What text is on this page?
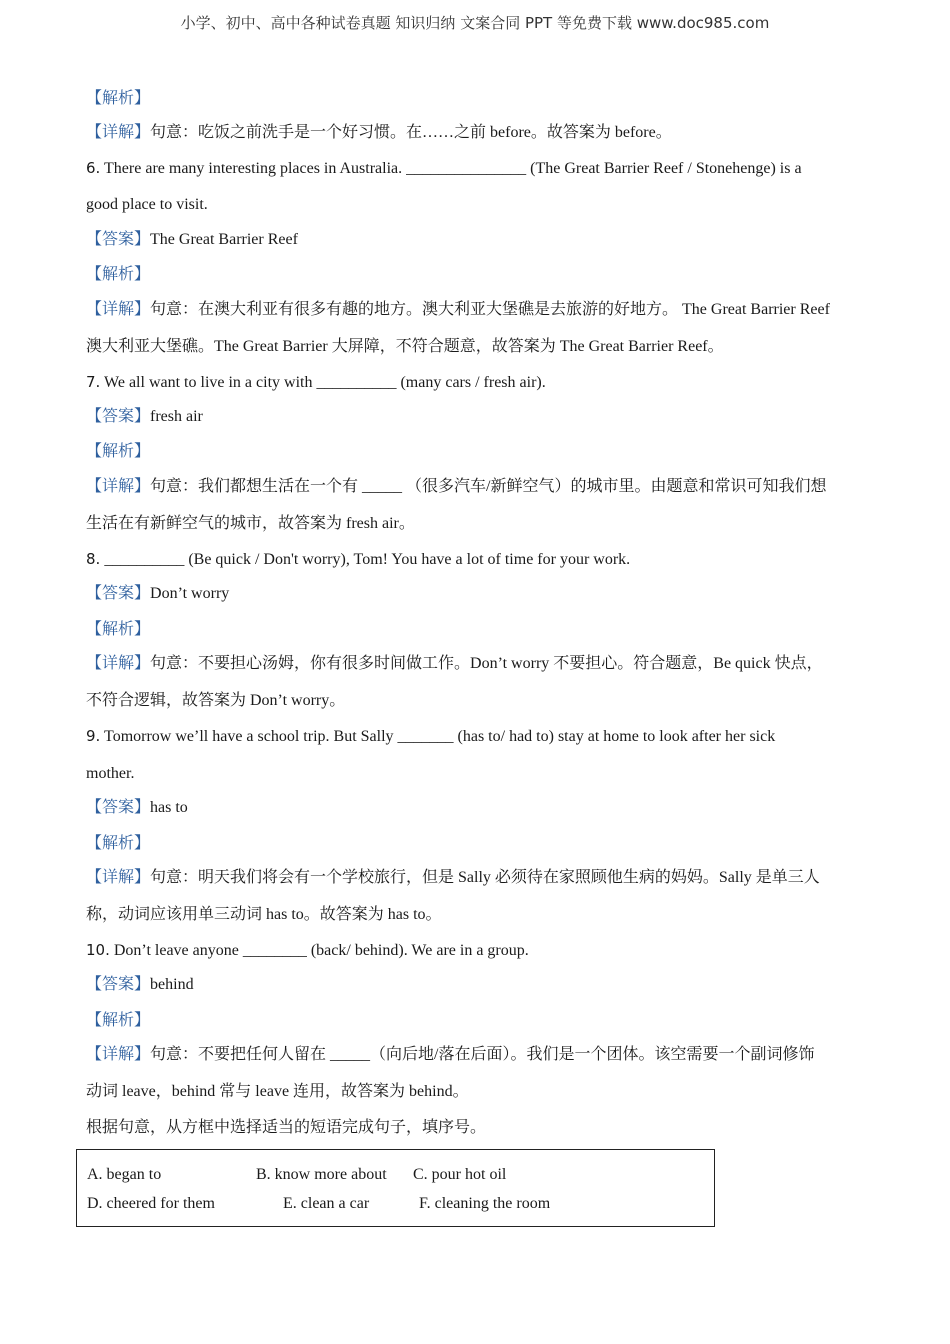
小学、初中、高中各种试卷真题 知识归纳 文案合同 PPT 等免费下载 www.doc985.com
【解析】
【详解】句意：吃饭之前洗手是一个好习惯。在……之前 before。故答案为 before。
6. There are many interesting places in Australia. _______________ (The Great Barrier Reef / Stonehenge) is a
good place to visit.
【答案】The Great Barrier Reef
【解析】
【详解】句意：在澳大利亚有很多有趣的地方。澳大利亚大堡礁是去旅游的好地方。 The Great Barrier Reef
澳大利亚大堡礁。The Great Barrier 大屏障，不符合题意，故答案为 The Great Barrier Reef。
7. We all want to live in a city with __________ (many cars / fresh air).
【答案】fresh air
【解析】
【详解】句意：我们都想生活在一个有 _____ （很多汽车/新鲜空气）的城市里。由题意和常识可知我们想
生活在有新鲜空气的城市，故答案为 fresh air。
8. __________ (Be quick / Don't worry), Tom! You have a lot of time for your work.
【答案】Don’t worry
【解析】
【详解】句意：不要担心汤姆，你有很多时间做工作。Don’t worry 不要担心。符合题意，Be quick 快点，
不符合逻辑，故答案为 Don’t worry。
9. Tomorrow we’ll have a school trip. But Sally _______ (has to/ had to) stay at home to look after her sick
mother.
【答案】has to
【解析】
【详解】句意：明天我们将会有一个学校旅行，但是 Sally 必须待在家照顾他生病的妈妈。Sally 是单三人
称，动词应该用单三动词 has to。故答案为 has to。
10. Don’t leave anyone ________ (back/ behind). We are in a group.
【答案】behind
【解析】
【详解】句意：不要把任何人留在 _____（向后地/落在后面）。我们是一个团体。该空需要一个副词修饰
动词 leave，behind 常与 leave 连用，故答案为 behind。
根据句意，从方框中选择适当的短语完成句子，填序号。
A. began to	B. know more about C. pour hot oil
D. cheered for them	E. clean a car	F. cleaning the room
